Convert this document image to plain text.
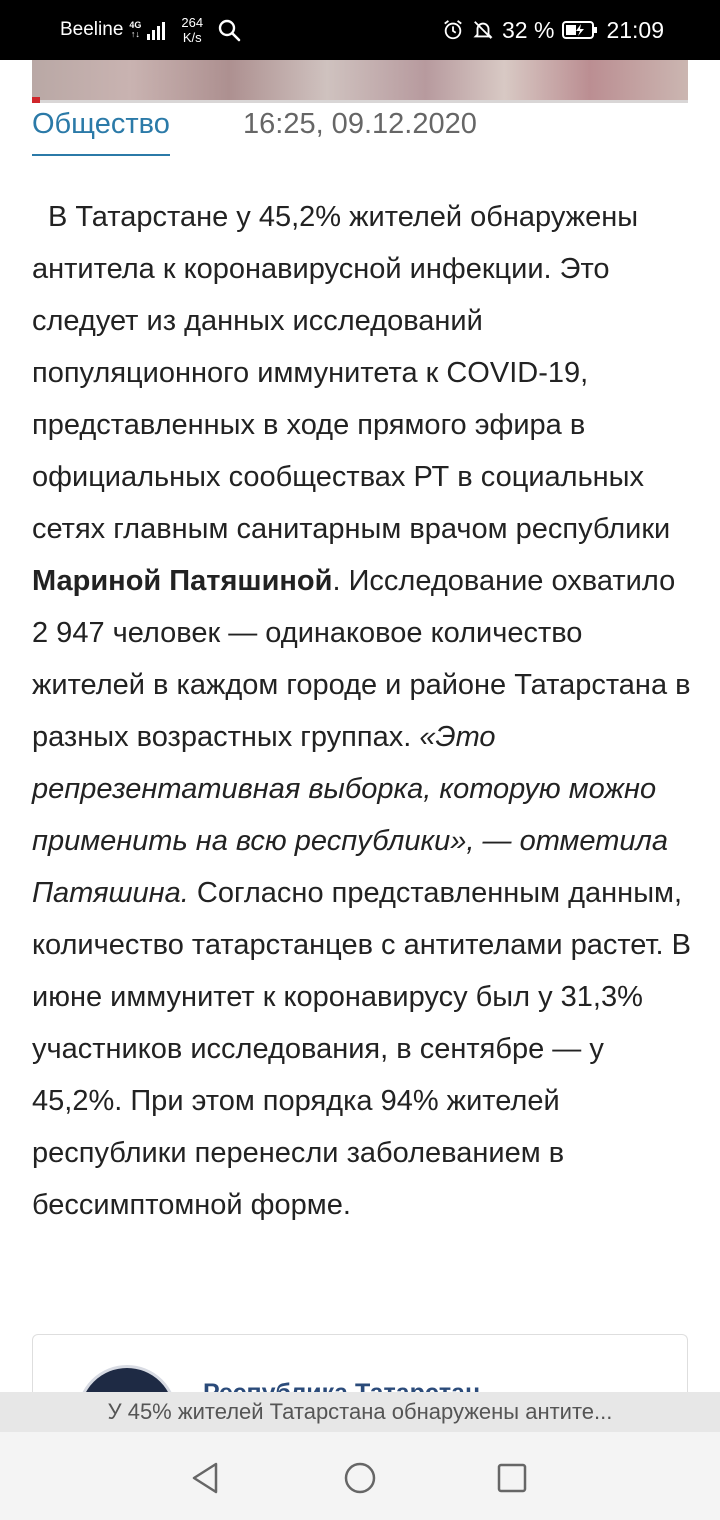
Beeline 4G
↑↓
264
K/s	32 % 21:09
Общество	16:25, 09.12.2020

В Татарстане у 45,2% жителей обнаружены антитела к коронавирусной инфекции. Это следует из данных исследований популяционного иммунитета к COVID-19, представленных в ходе прямого эфира в официальных сообществах РТ в социальных сетях главным санитарным врачом республики Мариной Патяшиной. Исследование охватило 2 947 человек — одинаковое количество жителей в каждом городе и районе Татарстана в разных возрастных группах. «Это репрезентативная выборка, которую можно применить на всю республики», — отметила Патяшина. Согласно представленным данным, количество татарстанцев с антителами растет. В июне иммунитет к коронавирусу был у 31,3% участников исследования, в сентябре — у 45,2%. При этом порядка 94% жителей республики перенесли заболеванием в бессимптомной форме.

У 45% жителей Татарстана обнаружены антите...
